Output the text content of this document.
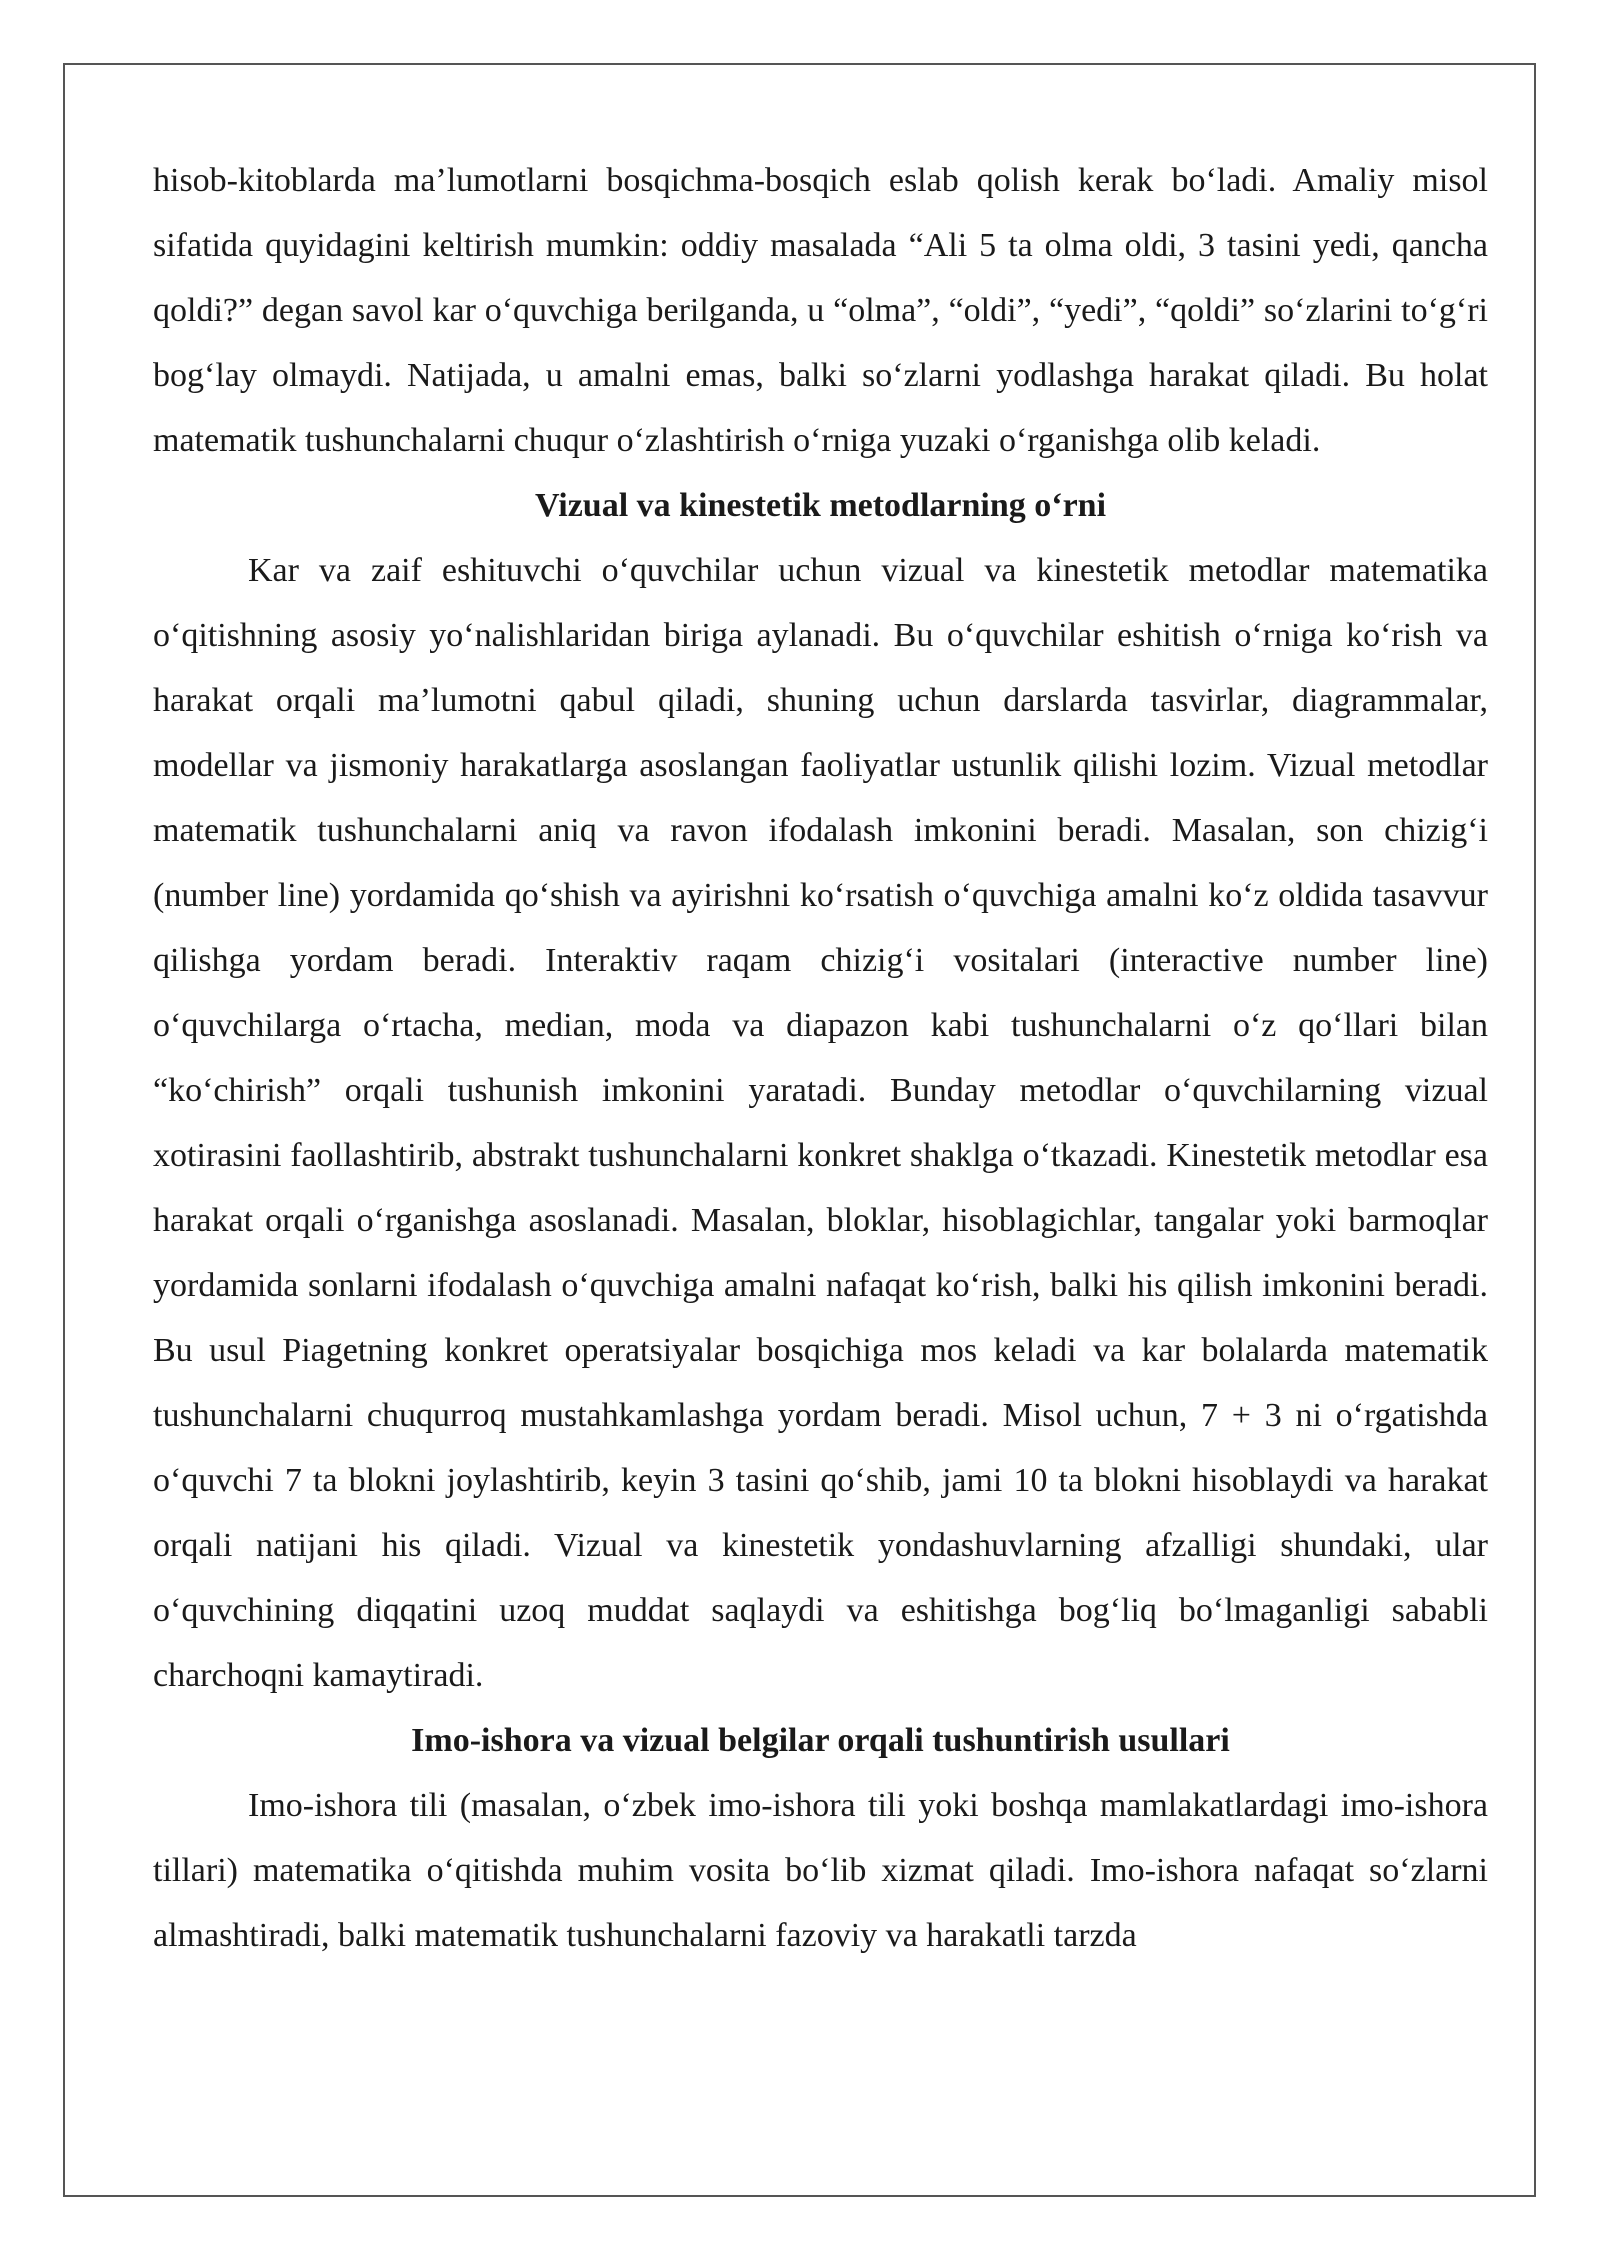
hisob-kitoblarda ma’lumotlarni bosqichma-bosqich eslab qolish kerak bo‘ladi. Amaliy misol sifatida quyidagini keltirish mumkin: oddiy masalada “Ali 5 ta olma oldi, 3 tasini yedi, qancha qoldi?” degan savol kar o‘quvchiga berilganda, u “olma”, “oldi”, “yedi”, “qoldi” so‘zlarini to‘g‘ri bog‘lay olmaydi. Natijada, u amalni emas, balki so‘zlarni yodlashga harakat qiladi. Bu holat matematik tushunchalarni chuqur o‘zlashtirish o‘rniga yuzaki o‘rganishga olib keladi.

Vizual va kinestetik metodlarning o‘rni

Kar va zaif eshituvchi o‘quvchilar uchun vizual va kinestetik metodlar matematika o‘qitishning asosiy yo‘nalishlaridan biriga aylanadi. Bu o‘quvchilar eshitish o‘rniga ko‘rish va harakat orqali ma’lumotni qabul qiladi, shuning uchun darslarda tasvirlar, diagrammalar, modellar va jismoniy harakatlarga asoslangan faoliyatlar ustunlik qilishi lozim. Vizual metodlar matematik tushunchalarni aniq va ravon ifodalash imkonini beradi. Masalan, son chizig‘i (number line) yordamida qo‘shish va ayirishni ko‘rsatish o‘quvchiga amalni ko‘z oldida tasavvur qilishga yordam beradi. Interaktiv raqam chizig‘i vositalari (interactive number line) o‘quvchilarga o‘rtacha, median, moda va diapazon kabi tushunchalarni o‘z qo‘llari bilan “ko‘chirish” orqali tushunish imkonini yaratadi. Bunday metodlar o‘quvchilarning vizual xotirasini faollashtirib, abstrakt tushunchalarni konkret shaklga o‘tkazadi. Kinestetik metodlar esa harakat orqali o‘rganishga asoslanadi. Masalan, bloklar, hisoblagichlar, tangalar yoki barmoqlar yordamida sonlarni ifodalash o‘quvchiga amalni nafaqat ko‘rish, balki his qilish imkonini beradi. Bu usul Piagetning konkret operatsiyalar bosqichiga mos keladi va kar bolalarda matematik tushunchalarni chuqurroq mustahkamlashga yordam beradi. Misol uchun, 7 + 3 ni o‘rgatishda o‘quvchi 7 ta blokni joylashtirib, keyin 3 tasini qo‘shib, jami 10 ta blokni hisoblaydi va harakat orqali natijani his qiladi. Vizual va kinestetik yondashuvlarning afzalligi shundaki, ular o‘quvchining diqqatini uzoq muddat saqlaydi va eshitishga bog‘liq bo‘lmaganligi sababli charchoqni kamaytiradi.

Imo-ishora va vizual belgilar orqali tushuntirish usullari

Imo-ishora tili (masalan, o‘zbek imo-ishora tili yoki boshqa mamlakatlardagi imo-ishora tillari) matematika o‘qitishda muhim vosita bo‘lib xizmat qiladi. Imo-ishora nafaqat so‘zlarni almashtiradi, balki matematik tushunchalarni fazoviy va harakatli tarzda
